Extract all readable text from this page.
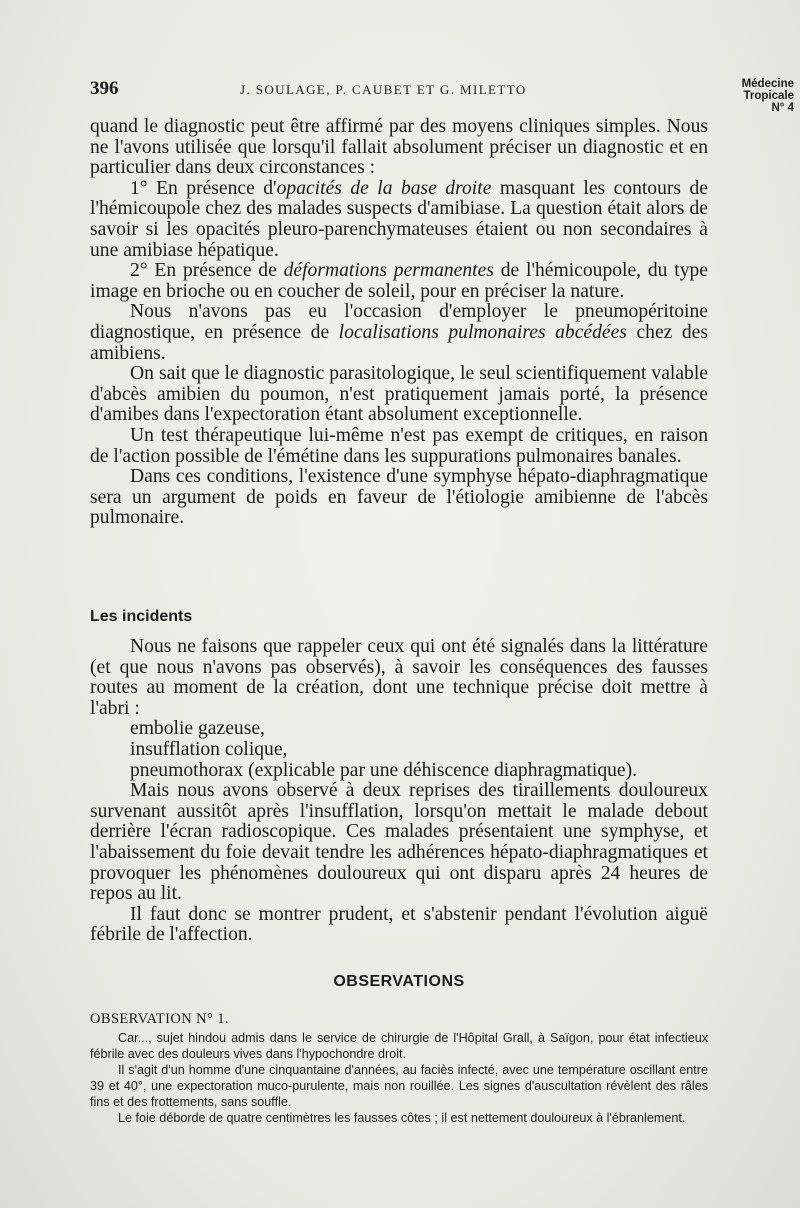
396	J. SOULAGE, P. CAUBET ET G. MILETTO	Médecine
Tropicale
N° 4

quand le diagnostic peut être affirmé par des moyens cliniques simples. Nous ne l'avons utilisée que lorsqu'il fallait absolument préciser un diagnostic et en particulier dans deux circonstances :

1° En présence d'opacités de la base droite masquant les contours de l'hémicoupole chez des malades suspects d'amibiase. La question était alors de savoir si les opacités pleuro-parenchymateuses étaient ou non secondaires à une amibiase hépatique.

2° En présence de déformations permanentes de l'hémicoupole, du type image en brioche ou en coucher de soleil, pour en préciser la nature.

Nous n'avons pas eu l'occasion d'employer le pneumopéritoine diagnostique, en présence de localisations pulmonaires abcédées chez des amibiens.

On sait que le diagnostic parasitologique, le seul scientifiquement valable d'abcès amibien du poumon, n'est pratiquement jamais porté, la présence d'amibes dans l'expectoration étant absolument exceptionnelle.

Un test thérapeutique lui-même n'est pas exempt de critiques, en raison de l'action possible de l'émétine dans les suppurations pulmonaires banales.

Dans ces conditions, l'existence d'une symphyse hépato-diaphragmatique sera un argument de poids en faveur de l'étiologie amibienne de l'abcès pulmonaire.

Les incidents

Nous ne faisons que rappeler ceux qui ont été signalés dans la littérature (et que nous n'avons pas observés), à savoir les conséquences des fausses routes au moment de la création, dont une technique précise doit mettre à l'abri :

embolie gazeuse,

insufflation colique,

pneumothorax (explicable par une déhiscence diaphragmatique).

Mais nous avons observé à deux reprises des tiraillements douloureux survenant aussitôt après l'insufflation, lorsqu'on mettait le malade debout derrière l'écran radioscopique. Ces malades présentaient une symphyse, et l'abaissement du foie devait tendre les adhérences hépato-diaphragmatiques et provoquer les phénomènes douloureux qui ont disparu après 24 heures de repos au lit.

Il faut donc se montrer prudent, et s'abstenir pendant l'évolution aiguë fébrile de l'affection.

OBSERVATIONS
OBSERVATION N° 1.

Car..., sujet hindou admis dans le service de chirurgie de l'Hôpital Grall, à Saïgon, pour état infectieux fébrile avec des douleurs vives dans l'hypochondre droit.

Il s'agit d'un homme d'une cinquantaine d'années, au faciès infecté, avec une température oscillant entre 39 et 40°, une expectoration muco-purulente, mais non rouillée. Les signes d'auscultation révèlent des râles fins et des frottements, sans souffle.

Le foie déborde de quatre centimètres les fausses côtes ; il est nettement douloureux à l'ébranlement.
